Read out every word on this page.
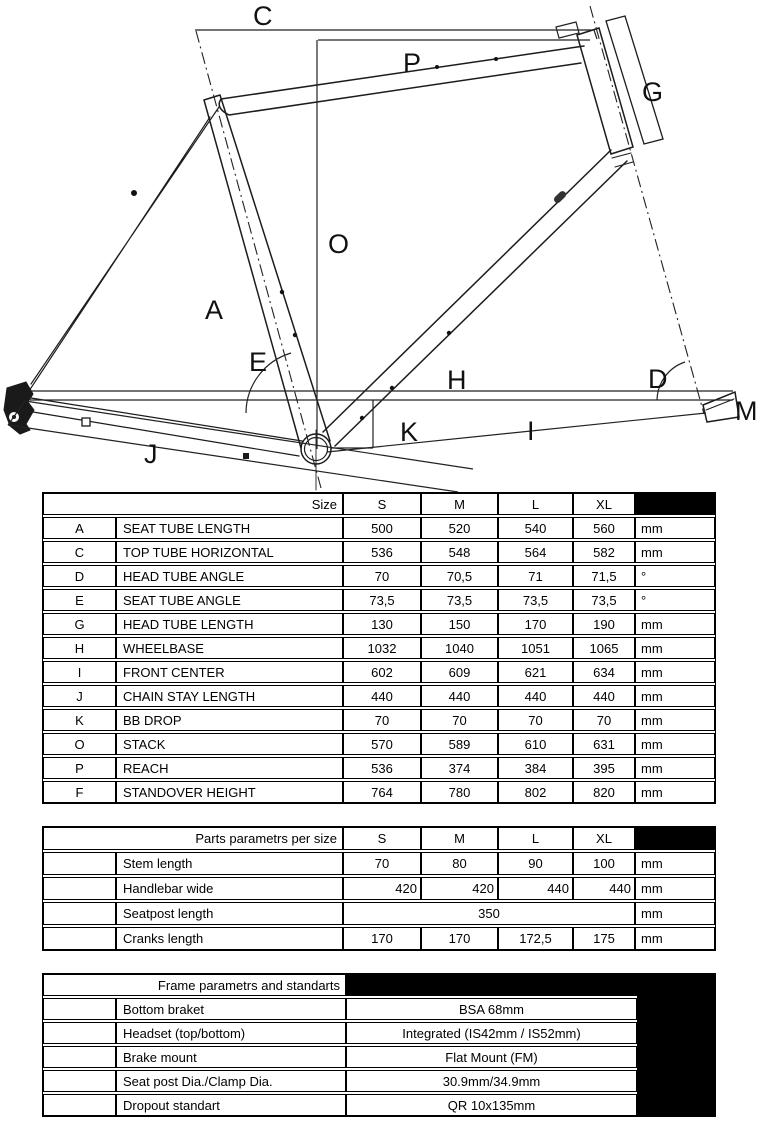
C
P
G
O
A
E
H	D
M
K	I
J
Size	S	M	L	XL
A	SEAT TUBE LENGTH	500	520	540	560	mm
C	TOP TUBE HORIZONTAL	536	548	564	582	mm
D	HEAD TUBE ANGLE	70	70,5	71	71,5	°
E	SEAT TUBE ANGLE	73,5	73,5	73,5	73,5	°
G	HEAD TUBE LENGTH	130	150	170	190	mm
H	WHEELBASE	1032	1040	1051	1065	mm
I	FRONT CENTER	602	609	621	634	mm
J	CHAIN STAY LENGTH	440	440	440	440	mm
K	BB DROP	70	70	70	70	mm
O	STACK	570	589	610	631	mm
P	REACH	536	374	384	395	mm
F	STANDOVER HEIGHT	764	780	802	820	mm
Parts parametrs per size	S	M	L	XL
Stem length	70	80	90	100	mm
Handlebar wide	420	420	440	440 mm
Seatpost length	350	mm
Cranks length	170	170	172,5	175	mm
Frame parametrs and standarts
Bottom braket	BSA 68mm
Headset (top/bottom)	Integrated (IS42mm / IS52mm)
Brake mount	Flat Mount (FM)
Seat post Dia./Clamp Dia.	30.9mm/34.9mm
Dropout standart	QR 10x135mm
